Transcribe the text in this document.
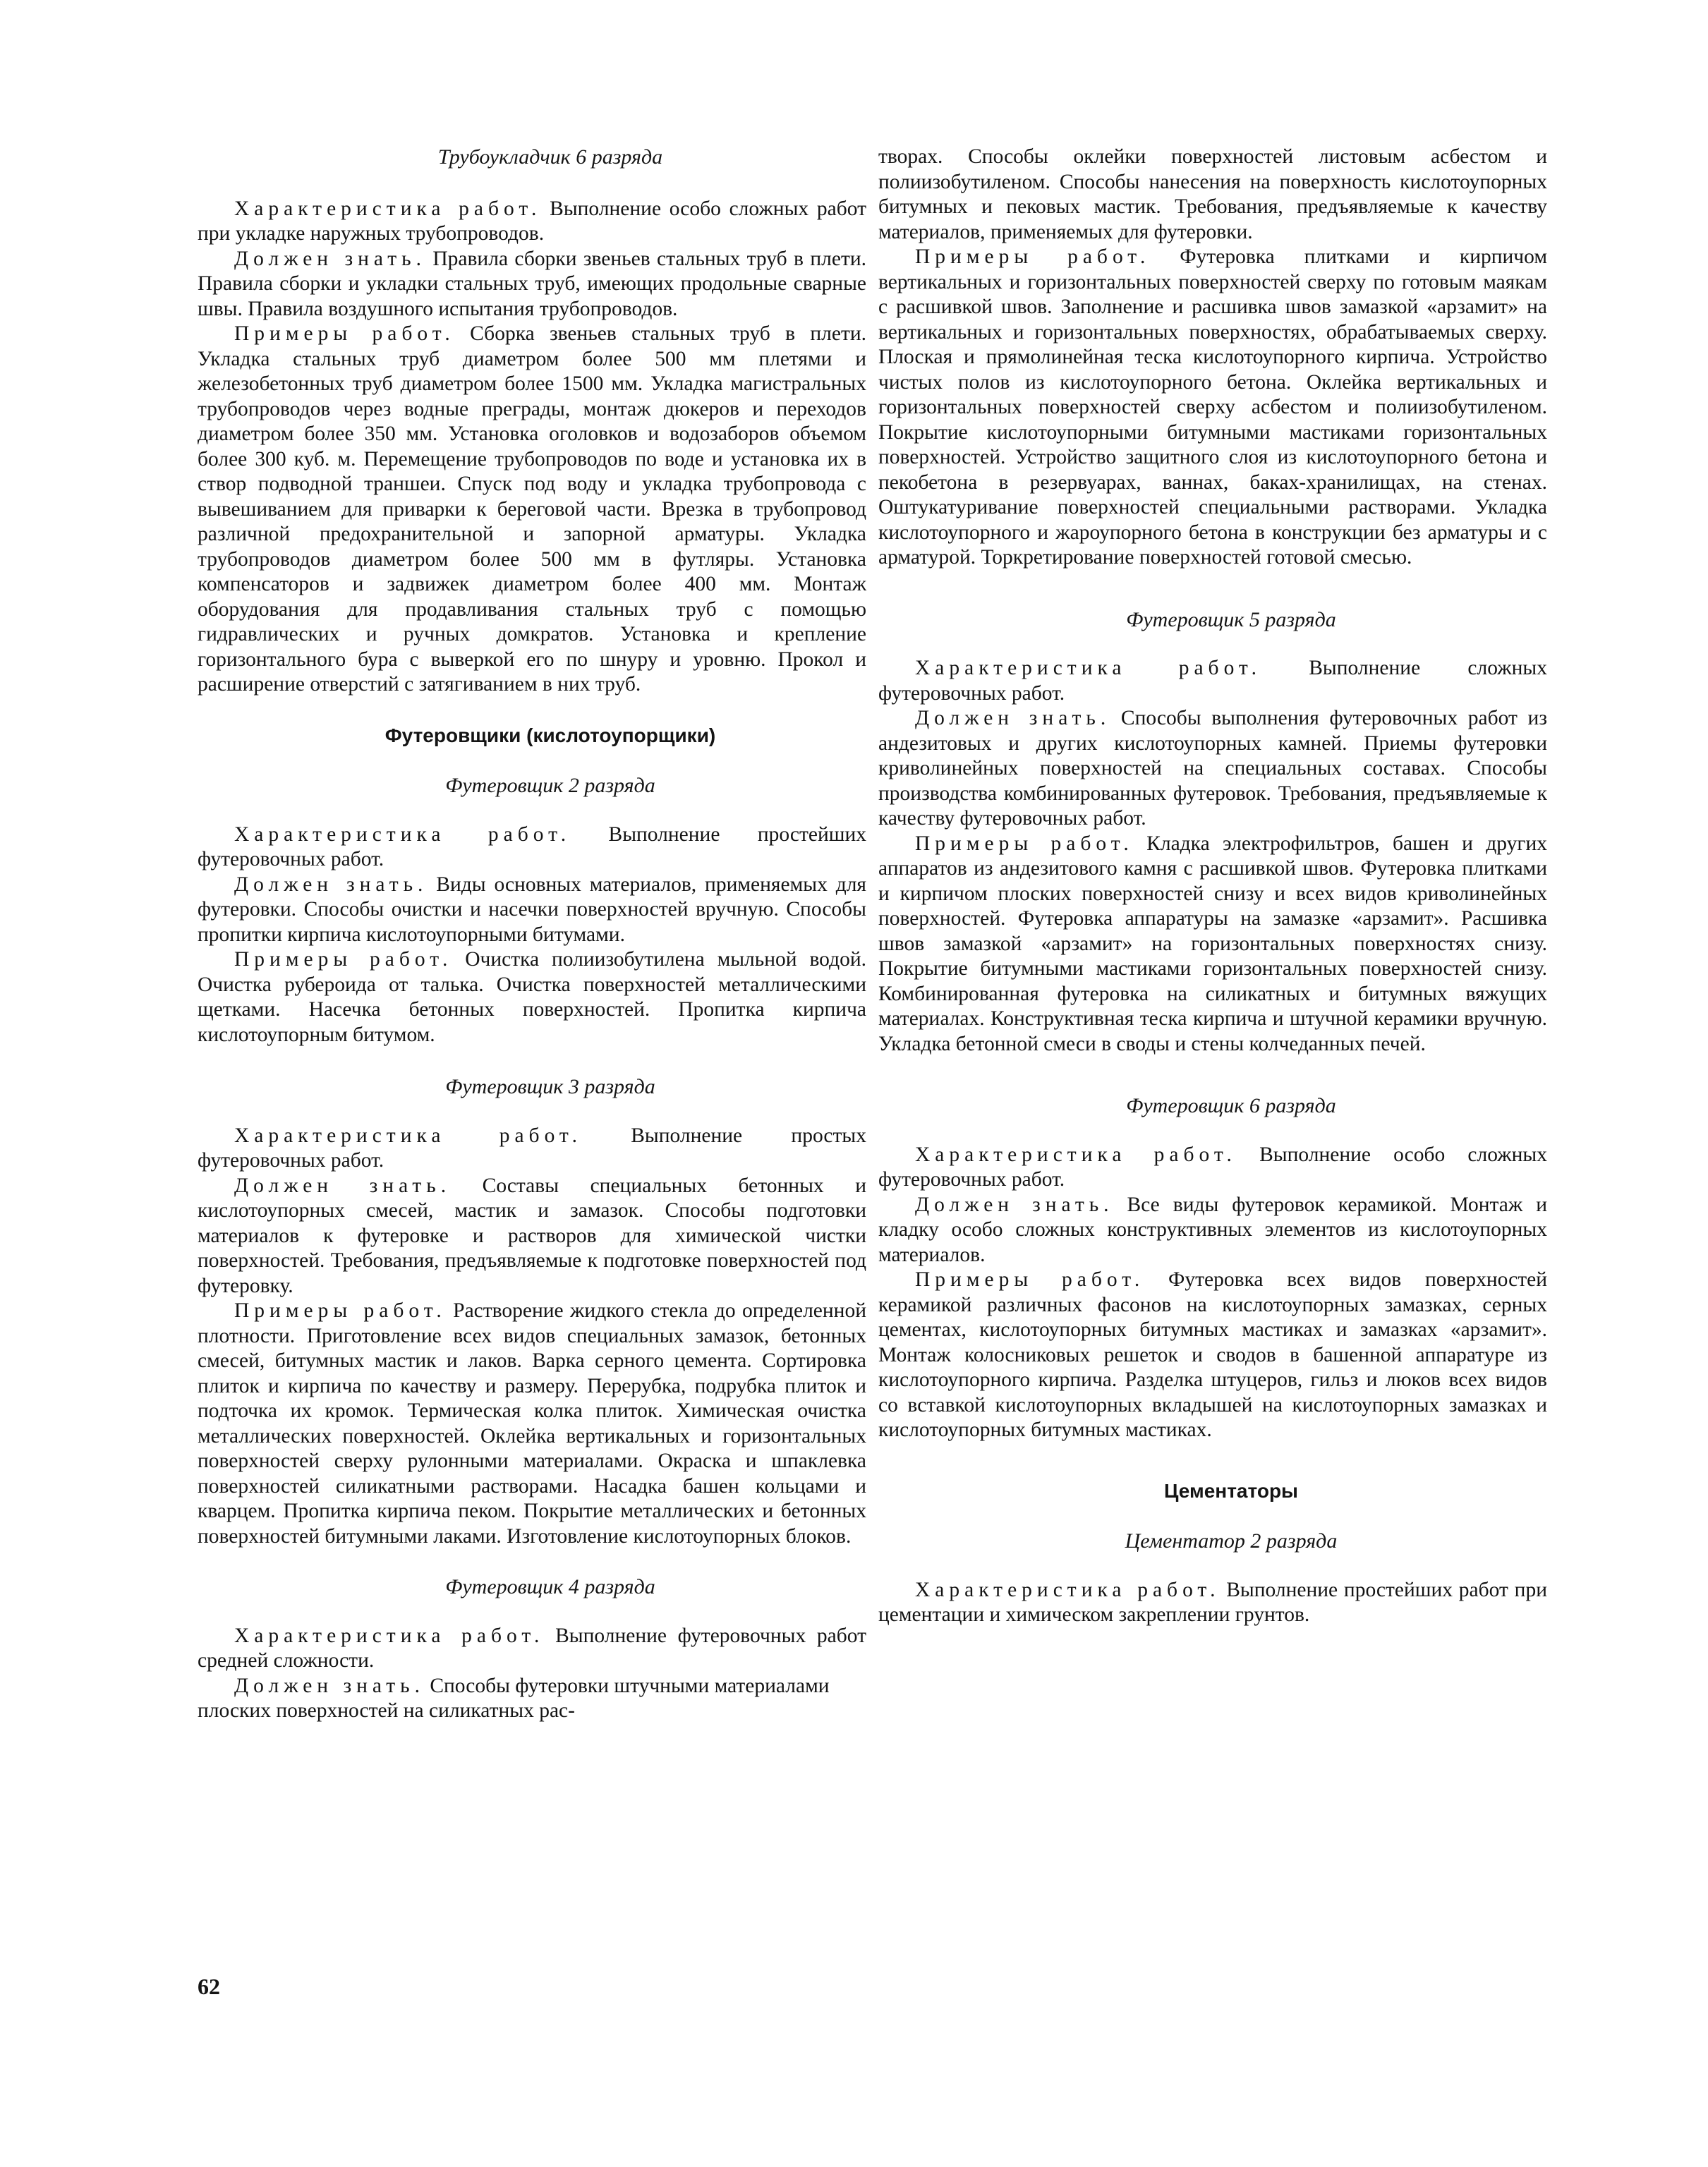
Трубоукладчик 6 разряда

Характеристика работ. Выполнение особо сложных работ при укладке наружных трубопроводов.

Должен знать. Правила сборки звеньев стальных труб в плети. Правила сборки и укладки стальных труб, имеющих продольные сварные швы. Правила воздушного испытания трубопроводов.

Примеры работ. Сборка звеньев стальных труб в плети. Укладка стальных труб диаметром более 500 мм плетями и железобетонных труб диаметром более 1500 мм. Укладка магистральных трубопроводов через водные преграды, монтаж дюкеров и переходов диаметром более 350 мм. Установка оголовков и водозаборов объемом более 300 куб. м. Перемещение трубопроводов по воде и установка их в створ подводной траншеи. Спуск под воду и укладка трубопровода с вывешиванием для приварки к береговой части. Врезка в трубопровод различной предохранительной и запорной арматуры. Укладка трубопроводов диаметром более 500 мм в футляры. Установка компенсаторов и задвижек диаметром более 400 мм. Монтаж оборудования для продавливания стальных труб с помощью гидравлических и ручных домкратов. Установка и крепление горизонтального бура с выверкой его по шнуру и уровню. Прокол и расширение отверстий с затягиванием в них труб.

Футеровщики (кислотоупорщики)

Футеровщик 2 разряда

Характеристика работ. Выполнение простейших футеровочных работ.

Должен знать. Виды основных материалов, применяемых для футеровки. Способы очистки и насечки поверхностей вручную. Способы пропитки кирпича кислотоупорными битумами.

Примеры работ. Очистка полиизобутилена мыльной водой. Очистка рубероида от талька. Очистка поверхностей металлическими щетками. Насечка бетонных поверхностей. Пропитка кирпича кислотоупорным битумом.

Футеровщик 3 разряда

Характеристика работ. Выполнение простых футеровочных работ.

Должен знать. Составы специальных бетонных и кислотоупорных смесей, мастик и замазок. Способы подготовки материалов к футеровке и растворов для химической чистки поверхностей. Требования, предъявляемые к подготовке поверхностей под футеровку.

Примеры работ. Растворение жидкого стекла до определенной плотности. Приготовление всех видов специальных замазок, бетонных смесей, битумных мастик и лаков. Варка серного цемента. Сортировка плиток и кирпича по качеству и размеру. Перерубка, подрубка плиток и подточка их кромок. Термическая колка плиток. Химическая очистка металлических поверхностей. Оклейка вертикальных и горизонтальных поверхностей сверху рулонными материалами. Окраска и шпаклевка поверхностей силикатными растворами. Насадка башен кольцами и кварцем. Пропитка кирпича пеком. Покрытие металлических и бетонных поверхностей битумными лаками. Изготовление кислотоупорных блоков.

Футеровщик 4 разряда

Характеристика работ. Выполнение футеровочных работ средней сложности.

Должен знать. Способы футеровки штучными материалами плоских поверхностей на силикатных рас-

творах. Способы оклейки поверхностей листовым асбестом и полиизобутиленом. Способы нанесения на поверхность кислотоупорных битумных и пековых мастик. Требования, предъявляемые к качеству материалов, применяемых для футеровки.

Примеры работ. Футеровка плитками и кирпичом вертикальных и горизонтальных поверхностей сверху по готовым маякам с расшивкой швов. Заполнение и расшивка швов замазкой «арзамит» на вертикальных и горизонтальных поверхностях, обрабатываемых сверху. Плоская и прямолинейная теска кислотоупорного кирпича. Устройство чистых полов из кислотоупорного бетона. Оклейка вертикальных и горизонтальных поверхностей сверху асбестом и полиизобутиленом. Покрытие кислотоупорными битумными мастиками горизонтальных поверхностей. Устройство защитного слоя из кислотоупорного бетона и пекобетона в резервуарах, ваннах, баках-хранилищах, на стенах. Оштукатуривание поверхностей специальными растворами. Укладка кислотоупорного и жароупорного бетона в конструкции без арматуры и с арматурой. Торкретирование поверхностей готовой смесью.

Футеровщик 5 разряда

Характеристика работ. Выполнение сложных футеровочных работ.

Должен знать. Способы выполнения футеровочных работ из андезитовых и других кислотоупорных камней. Приемы футеровки криволинейных поверхностей на специальных составах. Способы производства комбинированных футеровок. Требования, предъявляемые к качеству футеровочных работ.

Примеры работ. Кладка электрофильтров, башен и других аппаратов из андезитового камня с расшивкой швов. Футеровка плитками и кирпичом плоских поверхностей снизу и всех видов криволинейных поверхностей. Футеровка аппаратуры на замазке «арзамит». Расшивка швов замазкой «арзамит» на горизонтальных поверхностях снизу. Покрытие битумными мастиками горизонтальных поверхностей снизу. Комбинированная футеровка на силикатных и битумных вяжущих материалах. Конструктивная теска кирпича и штучной керамики вручную. Укладка бетонной смеси в своды и стены колчеданных печей.

Футеровщик 6 разряда

Характеристика работ. Выполнение особо сложных футеровочных работ.

Должен знать. Все виды футеровок керамикой. Монтаж и кладку особо сложных конструктивных элементов из кислотоупорных материалов.

Примеры работ. Футеровка всех видов поверхностей керамикой различных фасонов на кислотоупорных замазках, серных цементах, кислотоупорных битумных мастиках и замазках «арзамит». Монтаж колосниковых решеток и сводов в башенной аппаратуре из кислотоупорного кирпича. Разделка штуцеров, гильз и люков всех видов со вставкой кислотоупорных вкладышей на кислотоупорных замазках и кислотоупорных битумных мастиках.

Цементаторы

Цементатор 2 разряда

Характеристика работ. Выполнение простейших работ при цементации и химическом закреплении грунтов.

62
